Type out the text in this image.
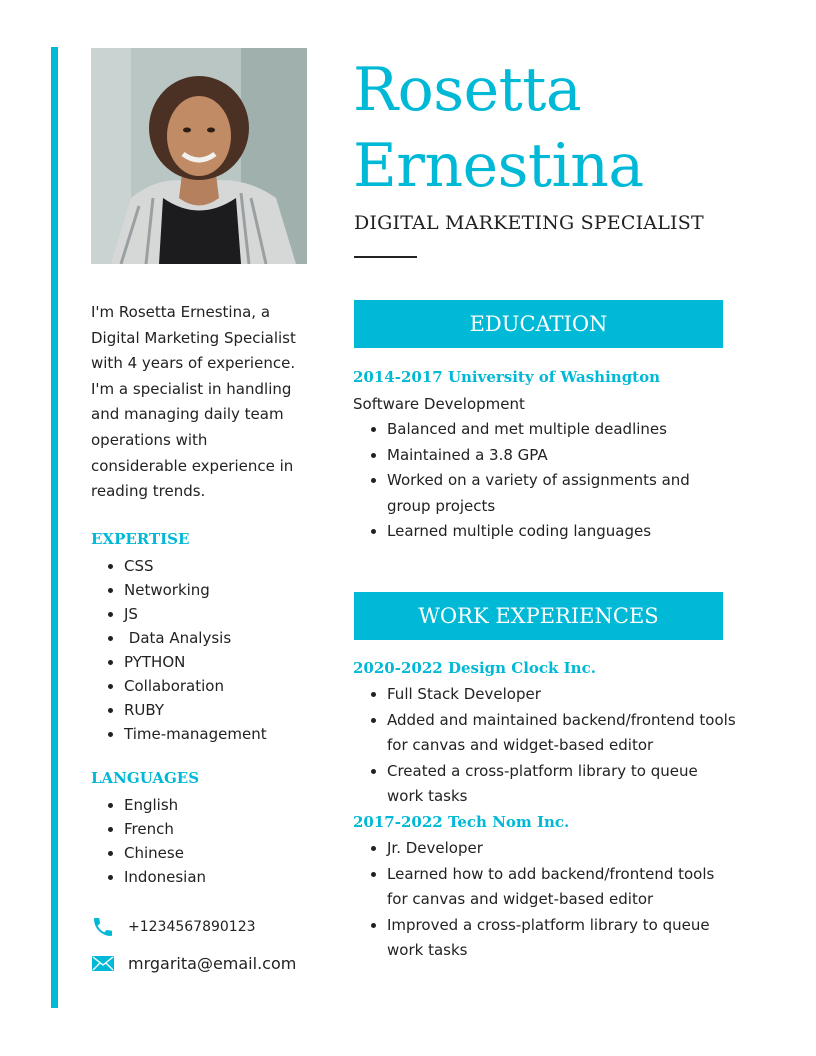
Rosetta
Ernestina

DIGITAL MARKETING SPECIALIST

I'm Rosetta Ernestina, a Digital Marketing Specialist with 4 years of experience. I'm a specialist in handling and managing daily team operations with considerable experience in reading trends.

EXPERTISE
• CSS
• Networking
• JS
•  Data Analysis
• PYTHON
• Collaboration
• RUBY
• Time-management
LANGUAGES
• English
• French
• Chinese
• Indonesian
+1234567890123
mrgarita@email.com
EDUCATION

2014-2017 University of Washington

Software Development

• Balanced and met multiple deadlines
• Maintained a 3.8 GPA
• Worked on a variety of assignments and group projects
• Learned multiple coding languages
WORK EXPERIENCES

2020-2022 Design Clock Inc.

• Full Stack Developer
• Added and maintained backend/frontend tools for canvas and widget-based editor
• Created a cross-platform library to queue work tasks

2017-2022 Tech Nom Inc.

• Jr. Developer
• Learned how to add backend/frontend tools for canvas and widget-based editor
• Improved a cross-platform library to queue work tasks
